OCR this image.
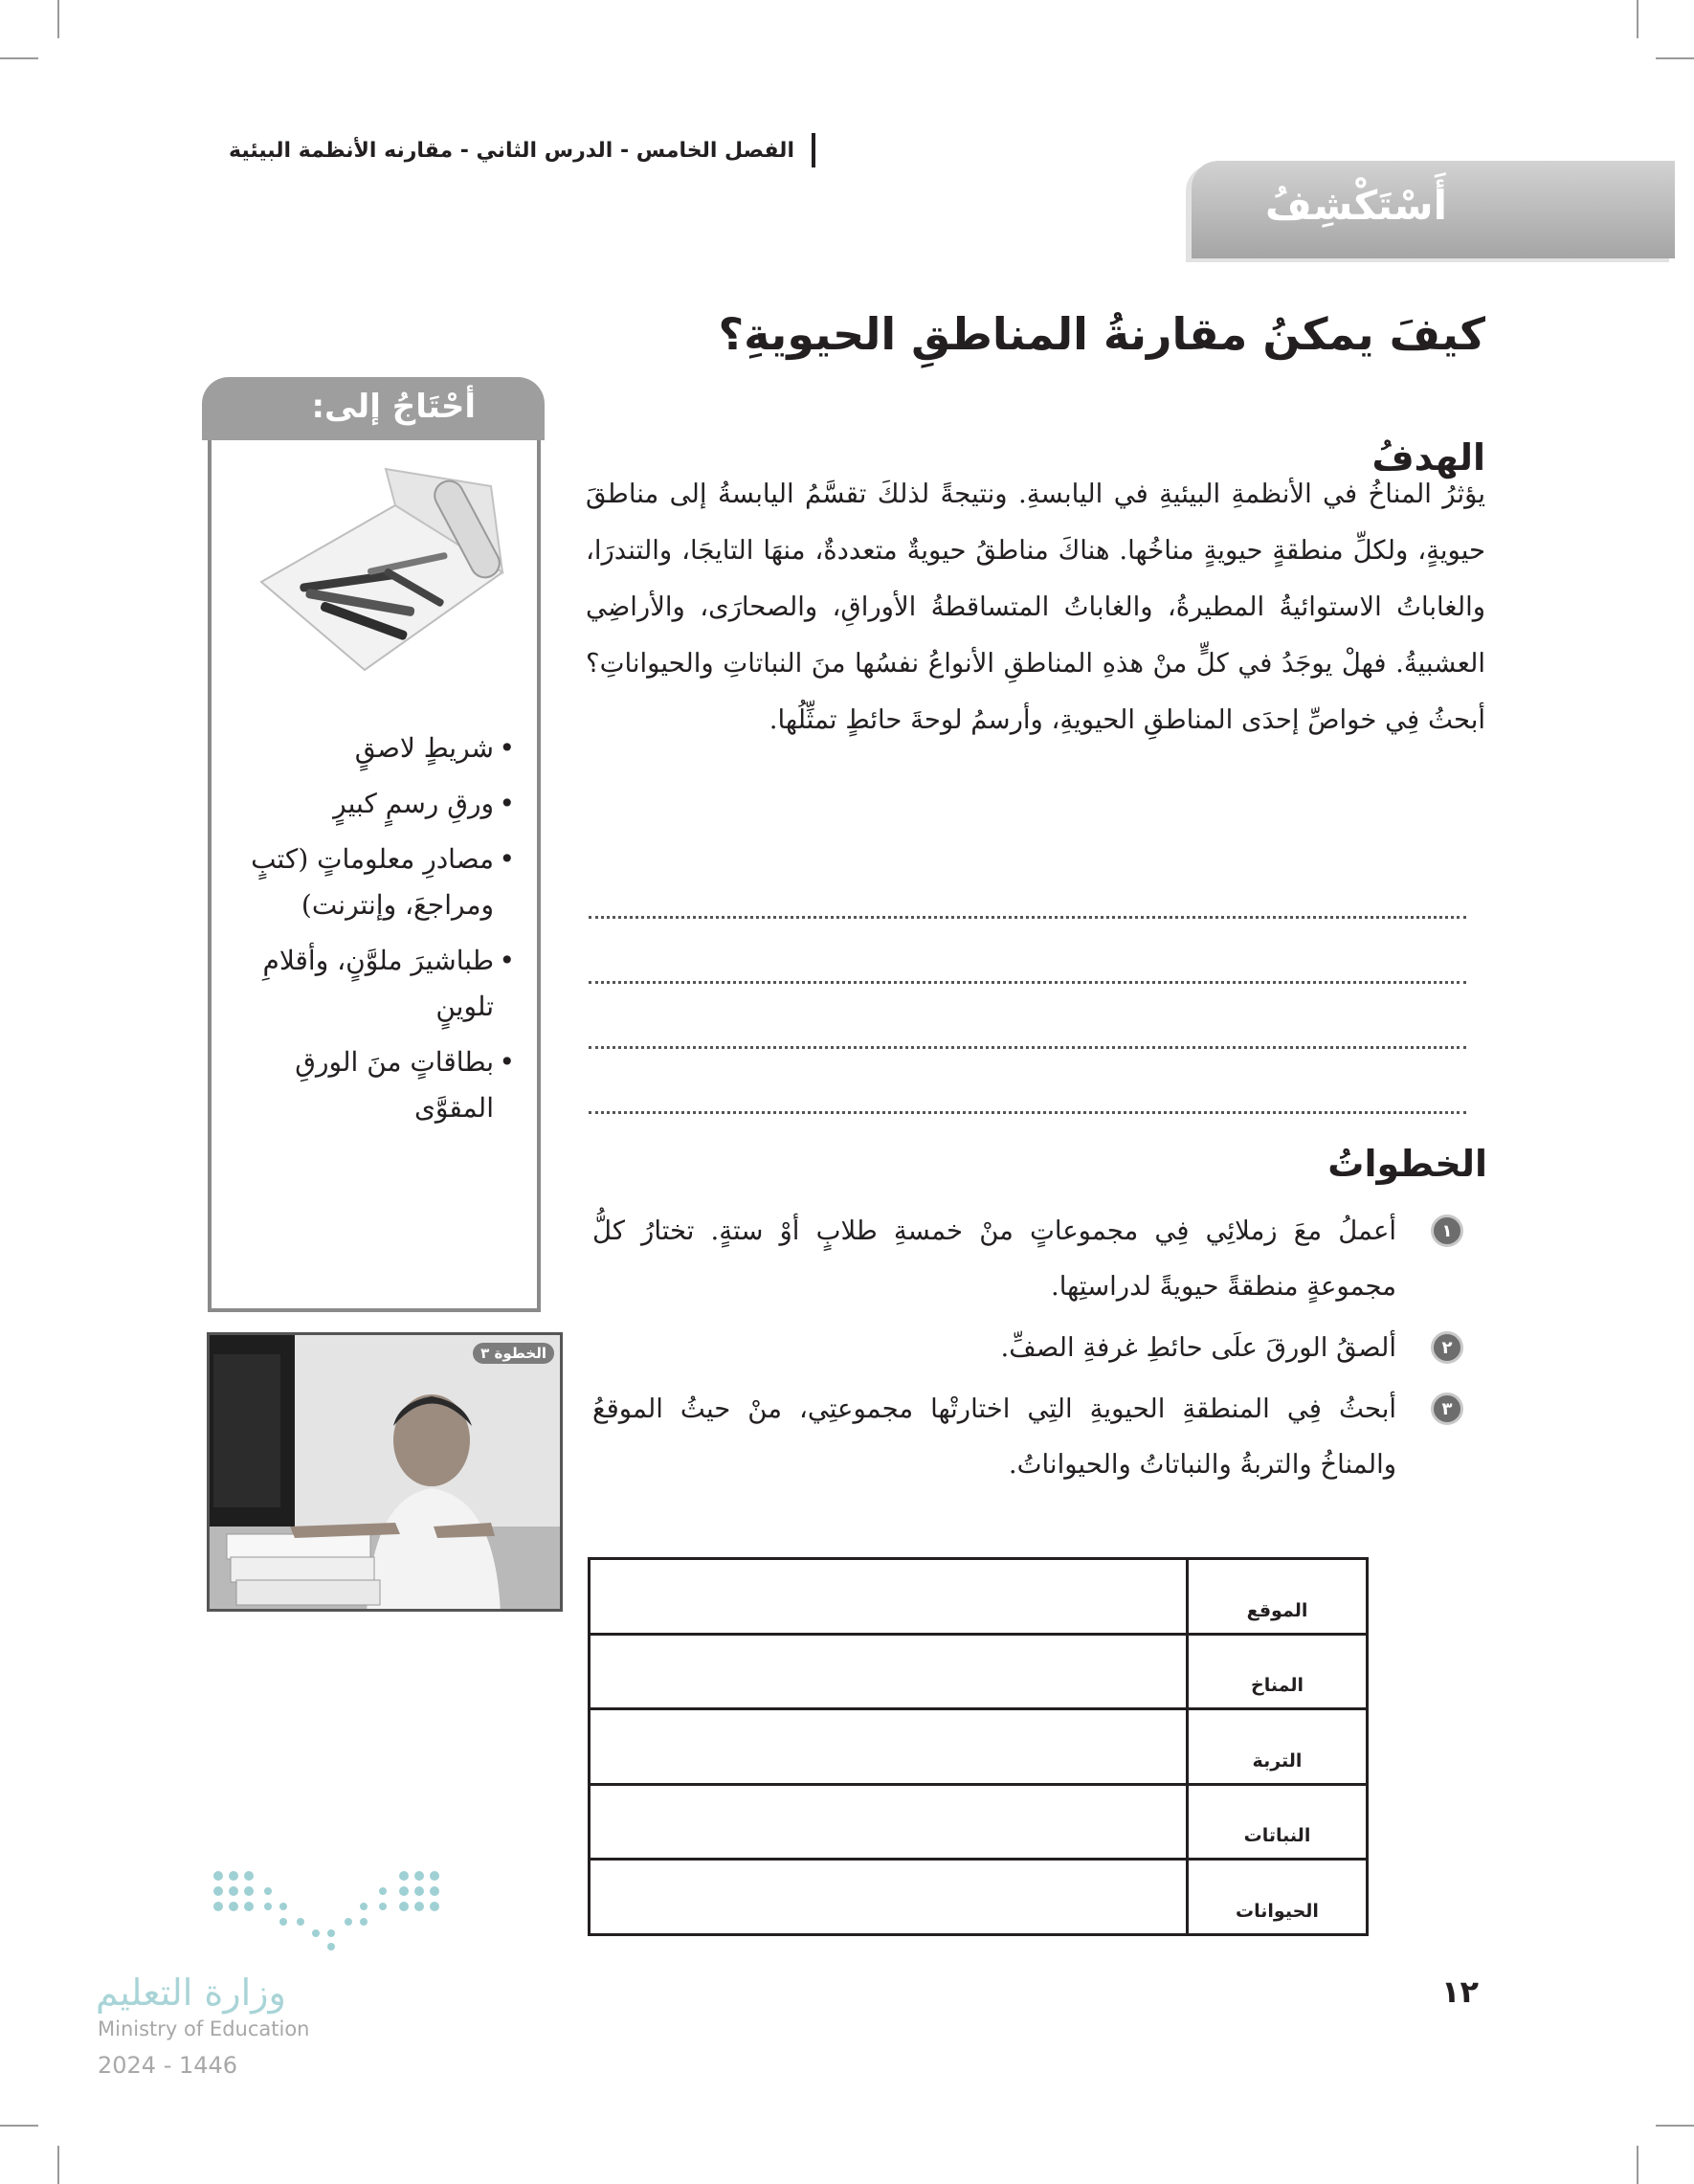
الفصل الخامس - الدرس الثاني - مقارنه الأنظمة البيئية
أَسْتَكْشِفُ
كيفَ يمكنُ مقارنةُ المناطقِ الحيويةِ؟
الهدفُ
يؤثرُ المناخُ في الأنظمةِ البيئيةِ في اليابسةِ. ونتيجةً لذلكَ تقسَّمُ اليابسةُ إلى مناطقَ حيويةٍ، ولكلِّ منطقةٍ حيويةٍ مناخُها. هناكَ مناطقُ حيويةٌ متعددةٌ، منهَا التايجَا، والتندرَا، والغاباتُ الاستوائيةُ المطيرةُ، والغاباتُ المتساقطةُ الأوراقِ، والصحارَى، والأراضِي العشبيةُ. فهلْ يوجَدُ في كلٍّ منْ هذهِ المناطقِ الأنواعُ نفسُها منَ النباتاتِ والحيواناتِ؟ أبحثُ فِي خواصِّ إحدَى المناطقِ الحيويةِ، وأرسمُ لوحةَ حائطٍ تمثِّلُها.
الخطواتُ
١
أعملُ معَ زملائِي فِي مجموعاتٍ منْ خمسةِ طلابٍ أوْ ستةٍ. تختارُ كلُّ مجموعةٍ منطقةً حيويةً لدراستِها.
٢
ألصقُ الورقَ علَى حائطِ غرفةِ الصفِّ.
٣
أبحثُ فِي المنطقةِ الحيويةِ التِي اختارتْها مجموعتِي، منْ حيثُ الموقعُ والمناخُ والتربةُ والنباتاتُ والحيواناتُ.
الموقع	
المناخ	
التربة	
النباتات	
الحيوانات	
أحْتَاجُ إلى:
• شريطٍ لاصقٍ
• ورقِ رسمٍ كبيرٍ
• مصادرِ معلوماتٍ (كتبٍ ومراجعَ، وإنترنت)
• طباشيرَ ملوَّنٍ، وأقلامِ تلوينٍ
• بطاقاتٍ منَ الورقِ المقوَّى
الخطوة ٣
١٢
وزارة التعليم
Ministry of Education
2024 - 1446
